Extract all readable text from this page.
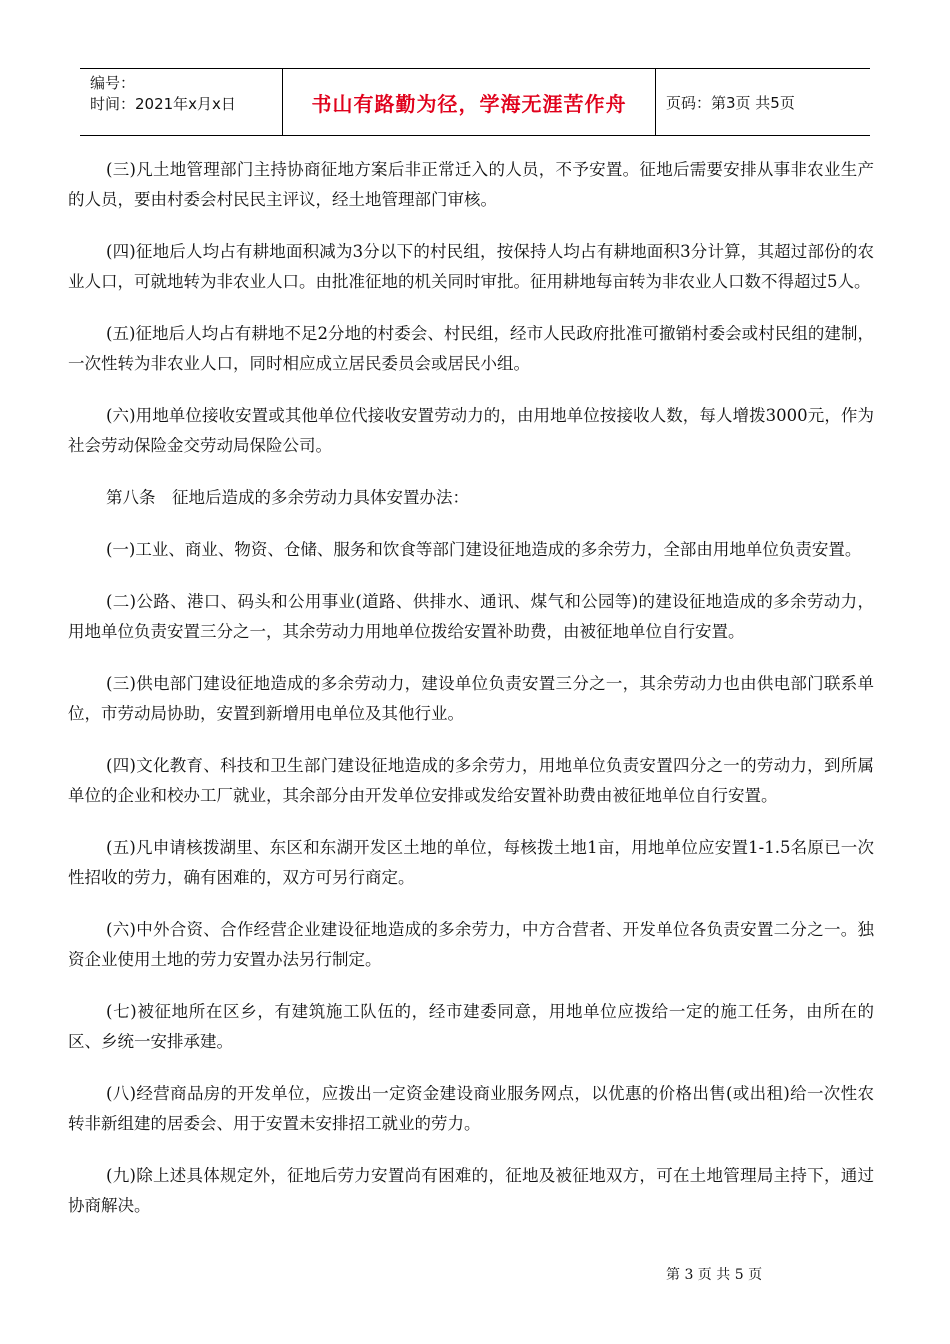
编号：
时间：2021年x月x日	书山有路勤为径，学海无涯苦作舟	页码：第3页 共5页

(三)凡土地管理部门主持协商征地方案后非正常迁入的人员，不予安置。征地后需要安排从事非农业生产的人员，要由村委会村民民主评议，经土地管理部门审核。

(四)征地后人均占有耕地面积减为3分以下的村民组，按保持人均占有耕地面积3分计算，其超过部份的农业人口，可就地转为非农业人口。由批准征地的机关同时审批。征用耕地每亩转为非农业人口数不得超过5人。

(五)征地后人均占有耕地不足2分地的村委会、村民组，经市人民政府批准可撤销村委会或村民组的建制，一次性转为非农业人口，同时相应成立居民委员会或居民小组。

(六)用地单位接收安置或其他单位代接收安置劳动力的，由用地单位按接收人数，每人增拨3000元，作为社会劳动保险金交劳动局保险公司。

第八条　征地后造成的多余劳动力具体安置办法：

(一)工业、商业、物资、仓储、服务和饮食等部门建设征地造成的多余劳力，全部由用地单位负责安置。

(二)公路、港口、码头和公用事业(道路、供排水、通讯、煤气和公园等)的建设征地造成的多余劳动力，用地单位负责安置三分之一，其余劳动力用地单位拨给安置补助费，由被征地单位自行安置。

(三)供电部门建设征地造成的多余劳动力，建设单位负责安置三分之一，其余劳动力也由供电部门联系单位，市劳动局协助，安置到新增用电单位及其他行业。

(四)文化教育、科技和卫生部门建设征地造成的多余劳力，用地单位负责安置四分之一的劳动力，到所属单位的企业和校办工厂就业，其余部分由开发单位安排或发给安置补助费由被征地单位自行安置。

(五)凡申请核拨湖里、东区和东湖开发区土地的单位，每核拨土地1亩，用地单位应安置1-1.5名原已一次性招收的劳力，确有困难的，双方可另行商定。

(六)中外合资、合作经营企业建设征地造成的多余劳力，中方合营者、开发单位各负责安置二分之一。独资企业使用土地的劳力安置办法另行制定。

(七)被征地所在区乡，有建筑施工队伍的，经市建委同意，用地单位应拨给一定的施工任务，由所在的区、乡统一安排承建。

(八)经营商品房的开发单位，应拨出一定资金建设商业服务网点，以优惠的价格出售(或出租)给一次性农转非新组建的居委会、用于安置未安排招工就业的劳力。

(九)除上述具体规定外，征地后劳力安置尚有困难的，征地及被征地双方，可在土地管理局主持下，通过协商解决。

第 3 页 共 5 页
